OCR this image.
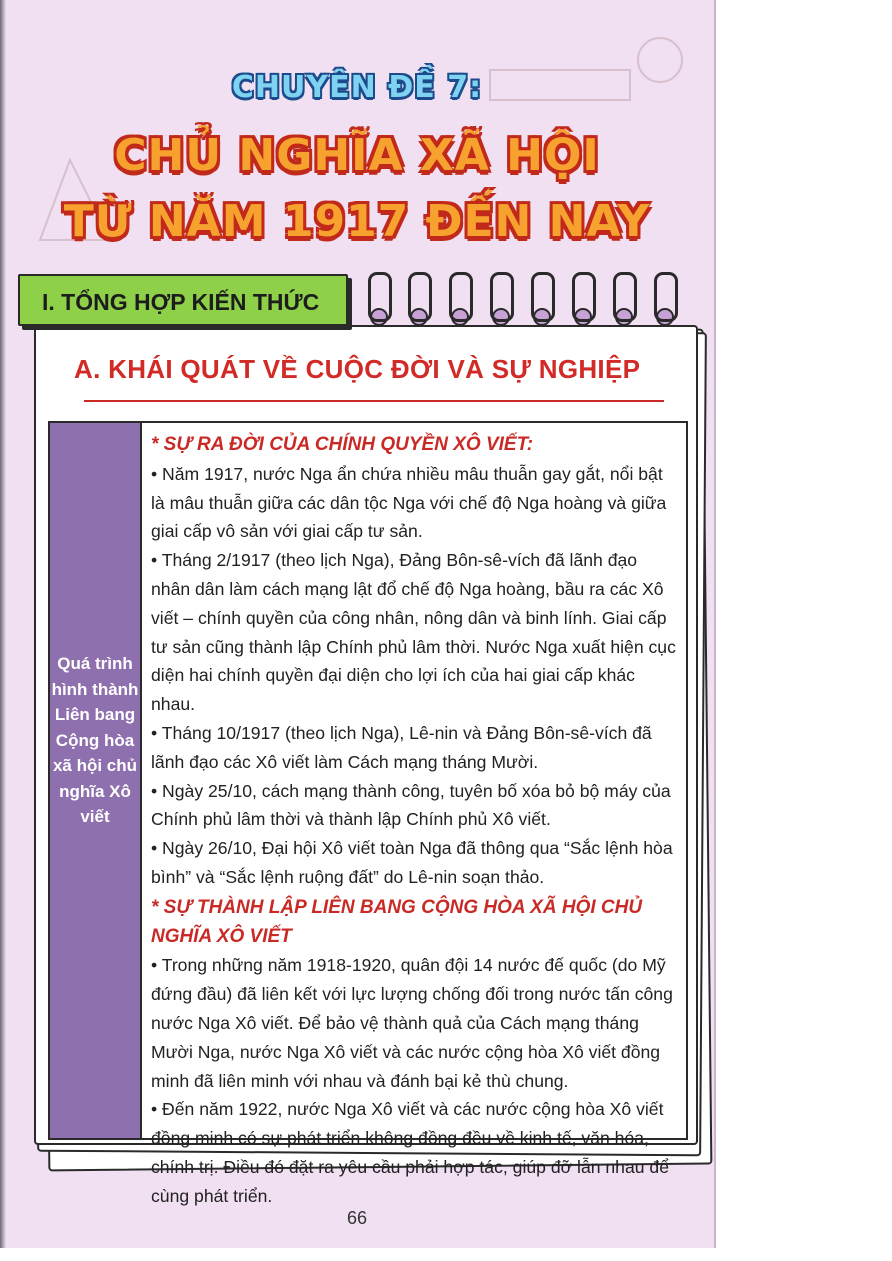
CHUYÊN ĐỀ 7:
CHỦ NGHĨA XÃ HỘI
TỪ NĂM 1917 ĐẾN NAY
I. TỔNG HỢP KIẾN THỨC
A. KHÁI QUÁT VỀ CUỘC ĐỜI VÀ SỰ NGHIỆP
Quá trình hình thành Liên bang Cộng hòa xã hội chủ nghĩa Xô viết
* SỰ RA ĐỜI CỦA CHÍNH QUYỀN XÔ VIẾT:

• Năm 1917, nước Nga ẩn chứa nhiều mâu thuẫn gay gắt, nổi bật là mâu thuẫn giữa các dân tộc Nga với chế độ Nga hoàng và giữa giai cấp vô sản với giai cấp tư sản.

• Tháng 2/1917 (theo lịch Nga), Đảng Bôn-sê-vích đã lãnh đạo nhân dân làm cách mạng lật đổ chế độ Nga hoàng, bầu ra các Xô viết – chính quyền của công nhân, nông dân và binh lính. Giai cấp tư sản cũng thành lập Chính phủ lâm thời. Nước Nga xuất hiện cục diện hai chính quyền đại diện cho lợi ích của hai giai cấp khác nhau.

• Tháng 10/1917 (theo lịch Nga), Lê-nin và Đảng Bôn-sê-vích đã lãnh đạo các Xô viết làm Cách mạng tháng Mười.

• Ngày 25/10, cách mạng thành công, tuyên bố xóa bỏ bộ máy của Chính phủ lâm thời và thành lập Chính phủ Xô viết.

• Ngày 26/10, Đại hội Xô viết toàn Nga đã thông qua “Sắc lệnh hòa bình” và “Sắc lệnh ruộng đất” do Lê-nin soạn thảo.

* SỰ THÀNH LẬP LIÊN BANG CỘNG HÒA XÃ HỘI CHỦ NGHĨA XÔ VIẾT

• Trong những năm 1918-1920, quân đội 14 nước đế quốc (do Mỹ đứng đầu) đã liên kết với lực lượng chống đối trong nước tấn công nước Nga Xô viết. Để bảo vệ thành quả của Cách mạng tháng Mười Nga, nước Nga Xô viết và các nước cộng hòa Xô viết đồng minh đã liên minh với nhau và đánh bại kẻ thù chung.

• Đến năm 1922, nước Nga Xô viết và các nước cộng hòa Xô viết đồng minh có sự phát triển không đồng đều về kinh tế, văn hóa, chính trị. Điều đó đặt ra yêu cầu phải hợp tác, giúp đỡ lẫn nhau để cùng phát triển.

66
